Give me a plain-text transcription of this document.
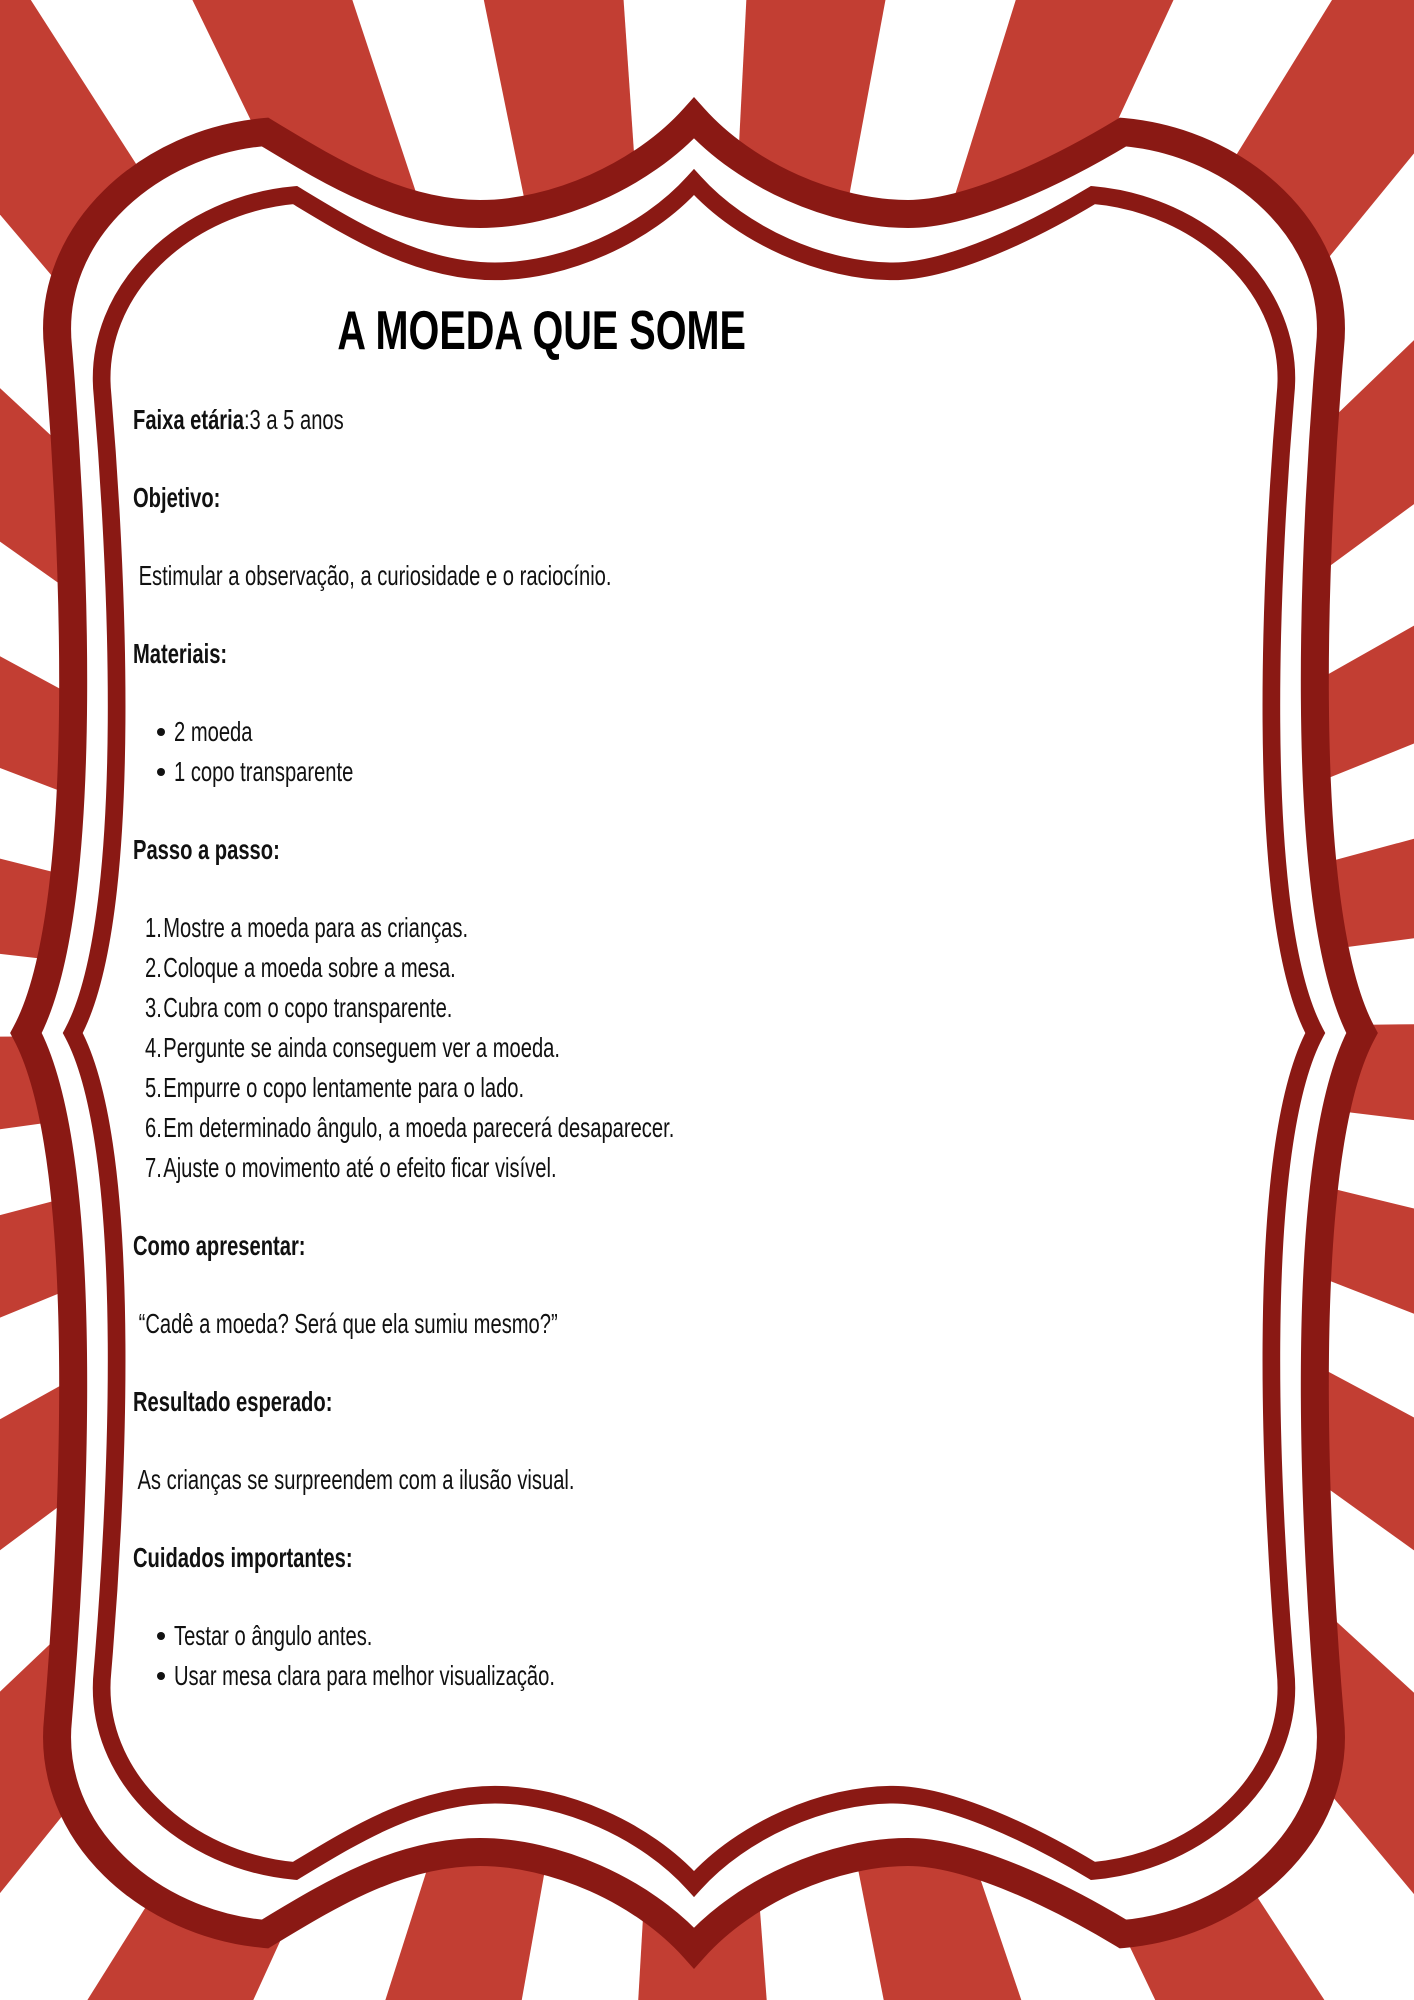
A MOEDA QUE SOME
Faixa etária:3 a 5 anos
Objetivo:
Estimular a observação, a curiosidade e o raciocínio.
Materiais:
2 moeda
1 copo transparente
Passo a passo:
1.Mostre a moeda para as crianças.
2.Coloque a moeda sobre a mesa.
3.Cubra com o copo transparente.
4.Pergunte se ainda conseguem ver a moeda.
5.Empurre o copo lentamente para o lado.
6.Em determinado ângulo, a moeda parecerá desaparecer.
7.Ajuste o movimento até o efeito ficar visível.
Como apresentar:
“Cadê a moeda? Será que ela sumiu mesmo?”
Resultado esperado:
As crianças se surpreendem com a ilusão visual.
Cuidados importantes:
Testar o ângulo antes.
Usar mesa clara para melhor visualização.
